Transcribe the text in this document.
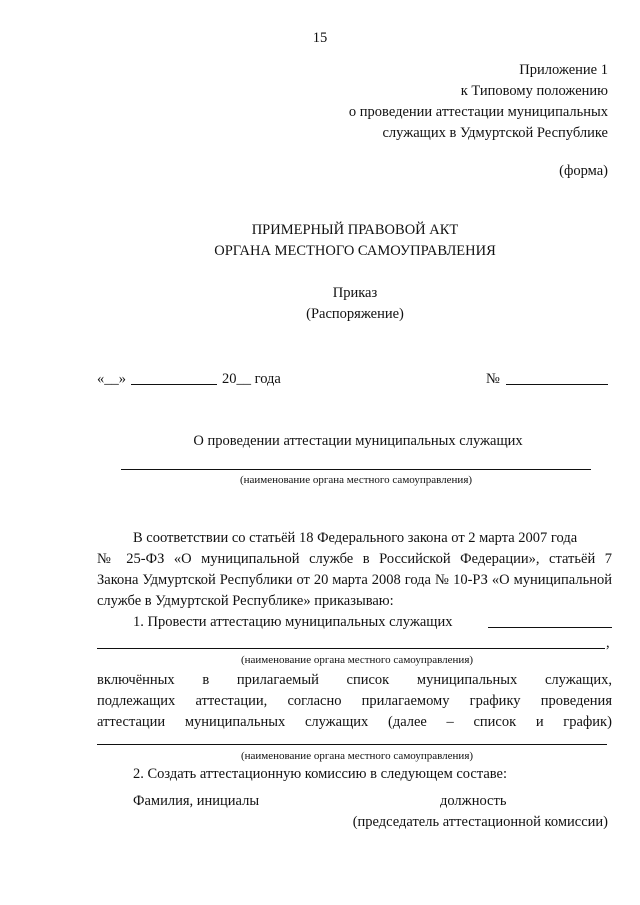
15
Приложение 1
к Типовому положению
о проведении аттестации муниципальных
служащих в Удмуртской Республике
(форма)
ПРИМЕРНЫЙ ПРАВОВОЙ АКТ
ОРГАНА МЕСТНОГО САМОУПРАВЛЕНИЯ
Приказ
(Распоряжение)
«__»	20__ года	№
О проведении аттестации муниципальных служащих
(наименование органа местного самоуправления)
В соответствии со статьёй 18 Федерального закона от 2 марта 2007 года
№ 25-ФЗ «О муниципальной службе в Российской Федерации», статьёй 7
Закона Удмуртской Республики от 20 марта 2008 года № 10-РЗ «О муниципальной
службе в Удмуртской Республике» приказываю:
1. Провести аттестацию муниципальных служащих
,
(наименование органа местного самоуправления)
включённых в прилагаемый список муниципальных служащих,
подлежащих аттестации, согласно прилагаемому графику проведения
аттестации муниципальных служащих (далее – список и график)
(наименование органа местного самоуправления)
2. Создать аттестационную комиссию в следующем составе:
Фамилия, инициалы	должность
(председатель аттестационной комиссии)
